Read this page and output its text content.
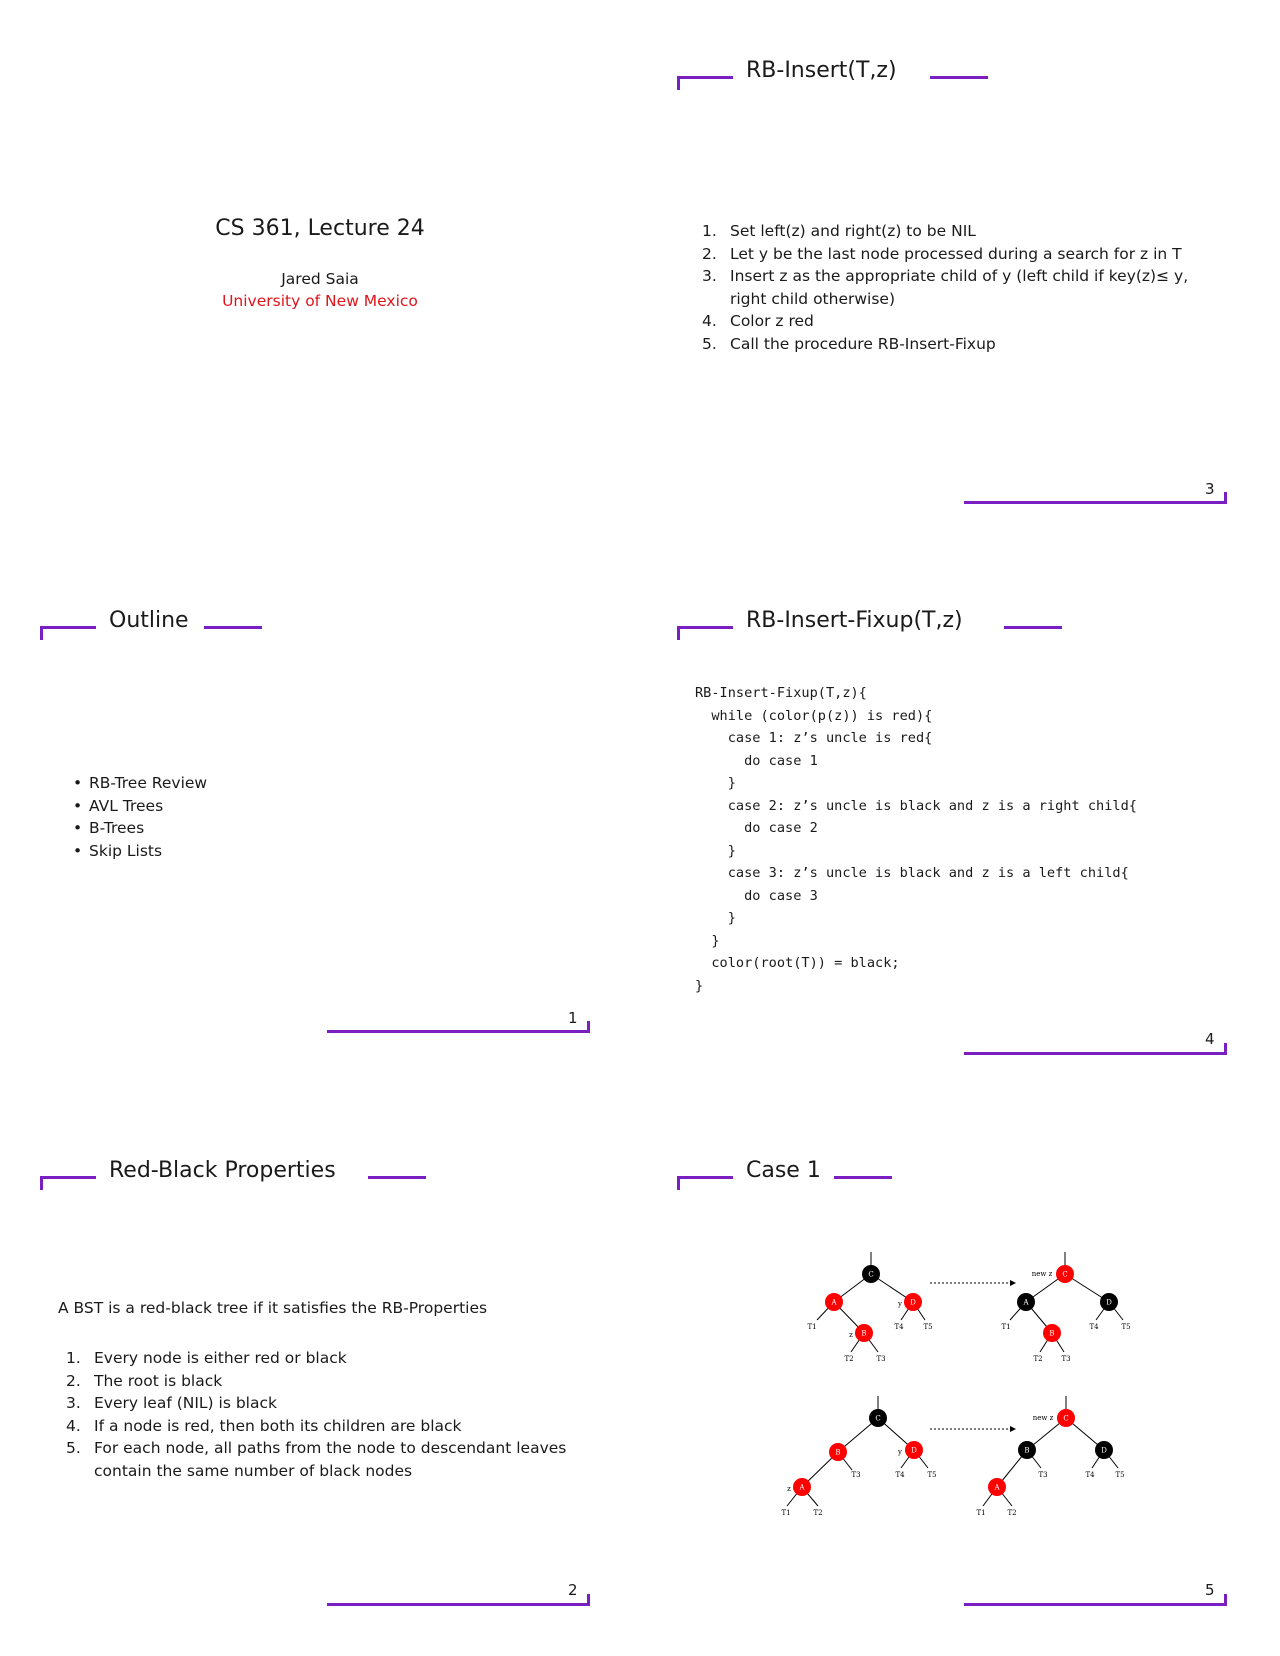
CS 361, Lecture 24
Jared Saia
University of New Mexico
1
RB-Insert(T,z)
1. Set left(z) and right(z) to be NIL
2. Let y be the last node processed during a search for z in T
3. Insert z as the appropriate child of y (left child if key(z)≤ y, right child otherwise)
4. Color z red
5. Call the procedure RB-Insert-Fixup
3
Outline
• RB-Tree Review
• AVL Trees
• B-Trees
• Skip Lists
RB-Insert-Fixup(T,z)
RB-Insert-Fixup(T,z){
while (color(p(z)) is red){
case 1: z’s uncle is red{
do case 1
}
case 2: z’s uncle is black and z is a right child{
do case 2
}
case 3: z’s uncle is black and z is a left child{
do case 3
}
}
color(root(T)) = black;
}
4
Red-Black Properties
A BST is a red-black tree if it satisfies the RB-Properties
1. Every node is either red or black
2. The root is black
3. Every leaf (NIL) is black
4. If a node is red, then both its children are black
5. For each node, all paths from the node to descendant leaves contain the same number of black nodes
2
Case 1
C
A	D
B
C
A	D
B
C
B	D
A
C
B	D
A
T1
z
y
T4	T5
T2	T3
new z
T1	T4	T5
T2	T3
y
T3	T4	T5
z
T1	T2
new z
T3	T4	T5
T1	T2
5
